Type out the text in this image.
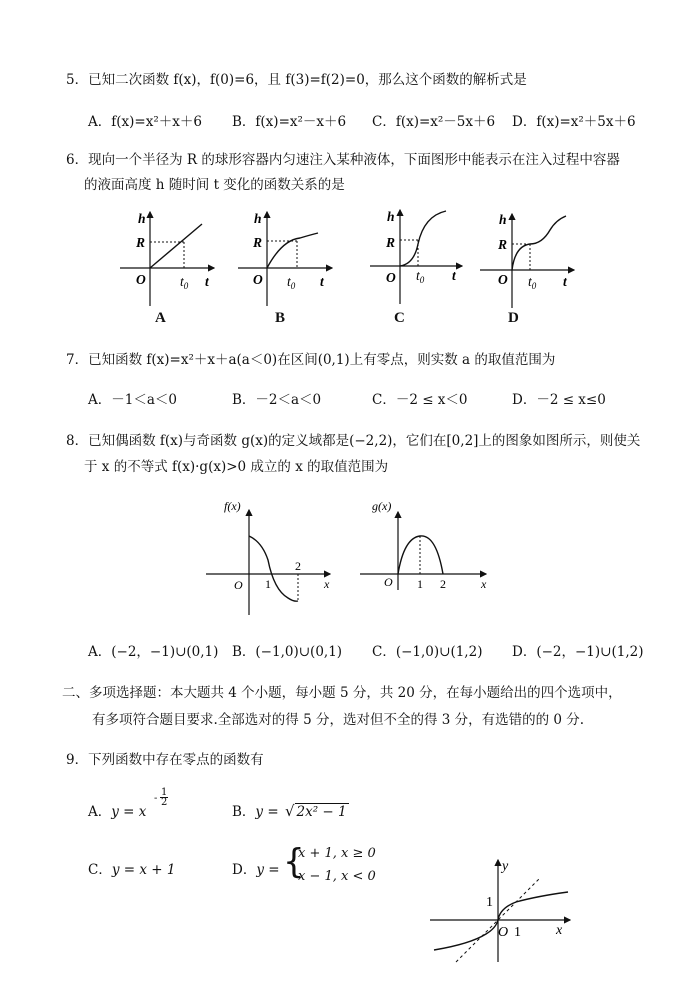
5．已知二次函数 f(x)，f(0)=6，且 f(3)=f(2)=0，那么这个函数的解析式是
A．f(x)=x²＋x＋6 B．f(x)=x²－x＋6 C．f(x)=x²－5x＋6 D．f(x)=x²＋5x＋6
6．现向一个半径为 R 的球形容器内匀速注入某种液体，下面图形中能表示在注入过程中容器
的液面高度 h 随时间 t 变化的函数关系的是
h
R
O	$t_0$ t
h
R
O $t_0$ t
h
R
O $t_0$ t
h
R
O $t_0$ t
A	B	C	D
7．已知函数 f(x)=x²＋x＋a(a＜0)在区间(0,1)上有零点，则实数 a 的取值范围为
A．－1＜a＜0	B．－2＜a＜0	C．－2 ≤ x＜0	D．－2 ≤ x≤0
8．已知偶函数 f(x)与奇函数 g(x)的定义域都是(−2,2)，它们在[0,2]上的图象如图所示，则使关
于 x 的不等式 f(x)·g(x)>0 成立的 x 的取值范围为
f(x)
O 1
2
x
g(x)
O 1 2	x
A．(−2，−1)∪(0,1) B．(−1,0)∪(0,1) C．(−1,0)∪(1,2) D．(−2，−1)∪(1,2)
二、多项选择题：本大题共 4 个小题，每小题 5 分，共 20 分，在每小题给出的四个选项中，
有多项符合题目要求.全部选对的得 5 分，选对但不全的得 3 分，有选错的的 0 分.
9．下列函数中存在零点的函数有
A．y = x
-
1
2
B．y = √ 2x² − 1
C．y = x + 1	D．y = {
x + 1, x ≥ 0
x − 1, x < 0
y
1
O 1	x
